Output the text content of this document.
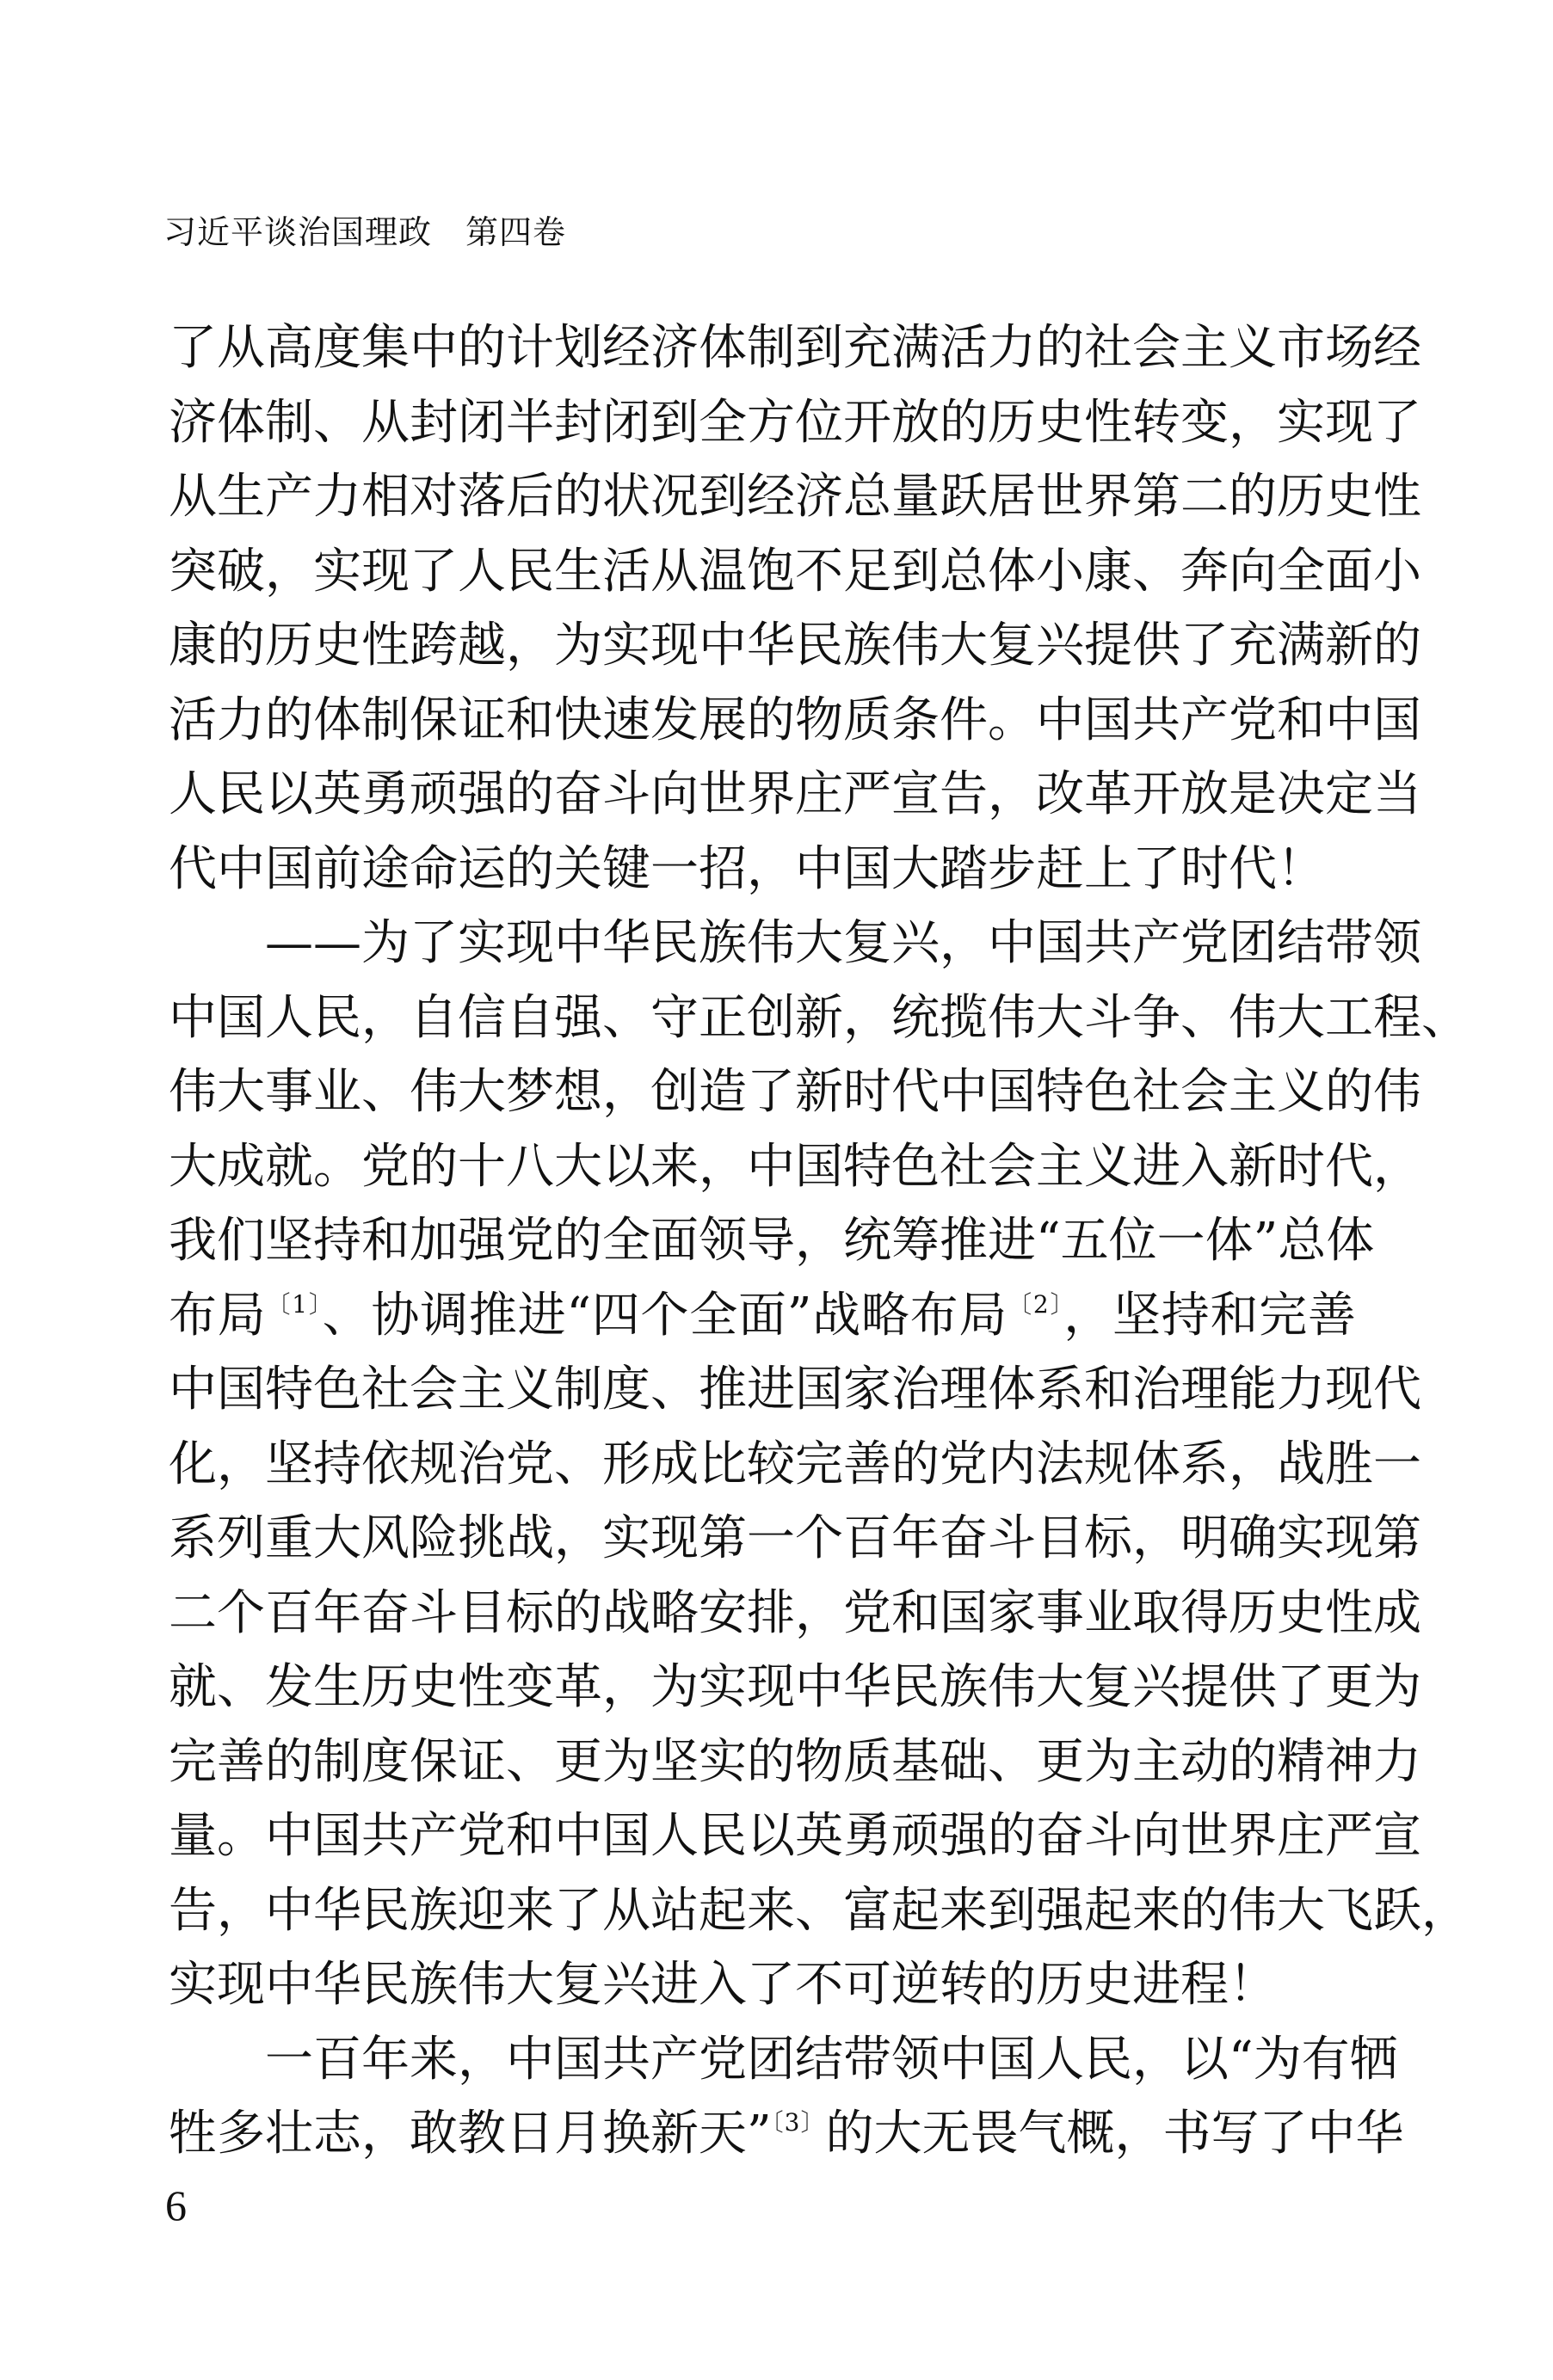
习近平谈治国理政　第四卷
了从高度集中的计划经济体制到充满活力的社会主义市场经
济体制、从封闭半封闭到全方位开放的历史性转变，实现了
从生产力相对落后的状况到经济总量跃居世界第二的历史性
突破，实现了人民生活从温饱不足到总体小康、奔向全面小
康的历史性跨越，为实现中华民族伟大复兴提供了充满新的
活力的体制保证和快速发展的物质条件。中国共产党和中国
人民以英勇顽强的奋斗向世界庄严宣告，改革开放是决定当
代中国前途命运的关键一招，中国大踏步赶上了时代！
——为了实现中华民族伟大复兴，中国共产党团结带领
中国人民，自信自强、守正创新，统揽伟大斗争、伟大工程、
伟大事业、伟大梦想，创造了新时代中国特色社会主义的伟
大成就。党的十八大以来，中国特色社会主义进入新时代，
我们坚持和加强党的全面领导，统筹推进“五位一体”总体
布局$^{〔1〕}$、协调推进“四个全面”战略布局$^{〔2〕}$，坚持和完善
中国特色社会主义制度、推进国家治理体系和治理能力现代
化，坚持依规治党、形成比较完善的党内法规体系，战胜一
系列重大风险挑战，实现第一个百年奋斗目标，明确实现第
二个百年奋斗目标的战略安排，党和国家事业取得历史性成
就、发生历史性变革，为实现中华民族伟大复兴提供了更为
完善的制度保证、更为坚实的物质基础、更为主动的精神力
量。中国共产党和中国人民以英勇顽强的奋斗向世界庄严宣
告，中华民族迎来了从站起来、富起来到强起来的伟大飞跃，
实现中华民族伟大复兴进入了不可逆转的历史进程！
一百年来，中国共产党团结带领中国人民，以“为有牺
牲多壮志，敢教日月换新天”$^{〔3〕}$的大无畏气概，书写了中华
6
